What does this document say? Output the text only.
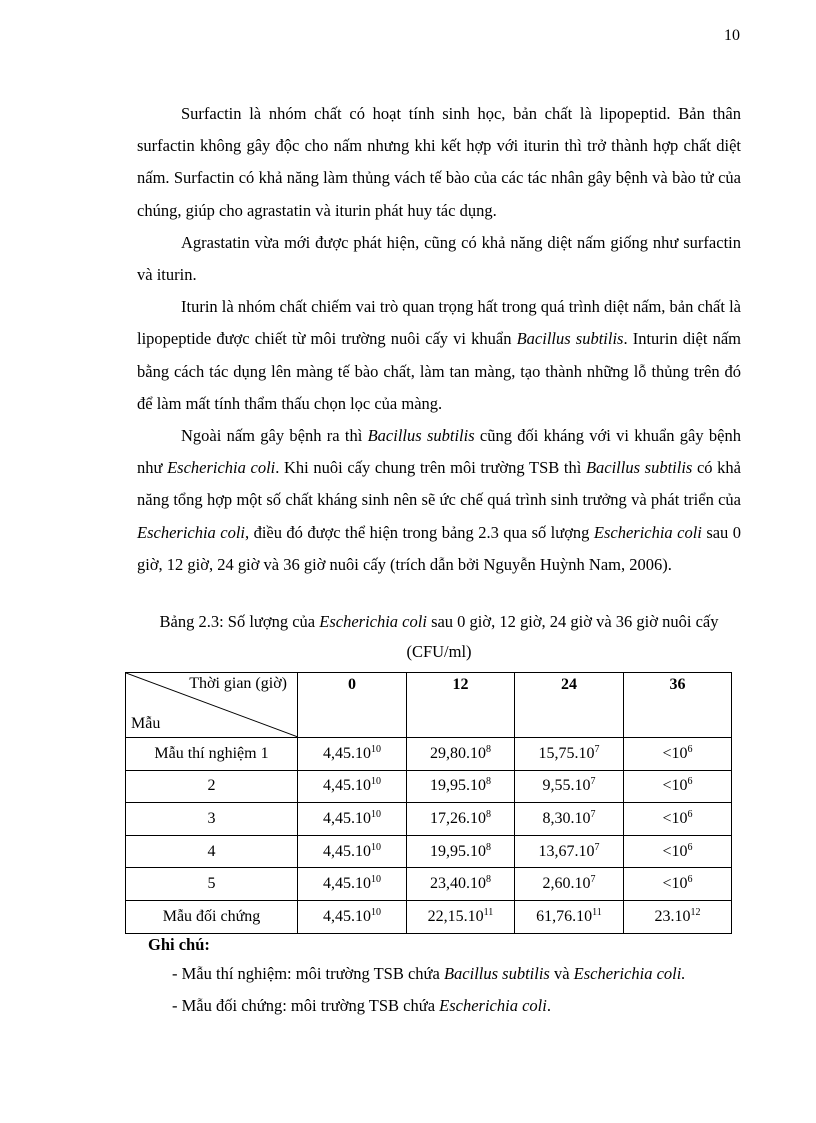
10

Surfactin là nhóm chất có hoạt tính sinh học, bản chất là lipopeptid. Bản thân surfactin không gây độc cho nấm nhưng khi kết hợp với iturin thì trở thành hợp chất diệt nấm. Surfactin có khả năng làm thủng vách tế bào của các tác nhân gây bệnh và bào tử của chúng, giúp cho agrastatin và iturin phát huy tác dụng.

Agrastatin vừa mới được phát hiện, cũng có khả năng diệt nấm giống như surfactin và iturin.

Iturin là nhóm chất chiếm vai trò quan trọng hất trong quá trình diệt nấm, bản chất là lipopeptide được chiết từ môi trường nuôi cấy vi khuẩn Bacillus subtilis. Inturin diệt nấm bằng cách tác dụng lên màng tế bào chất, làm tan màng, tạo thành những lỗ thủng trên đó để làm mất tính thẩm thấu chọn lọc của màng.

Ngoài nấm gây bệnh ra thì Bacillus subtilis cũng đối kháng với vi khuẩn gây bệnh như Escherichia coli. Khi nuôi cấy chung trên môi trường TSB thì Bacillus subtilis có khả năng tổng hợp một số chất kháng sinh nên sẽ ức chế quá trình sinh trưởng và phát triển của Escherichia coli, điều đó được thể hiện trong bảng 2.3 qua số lượng Escherichia coli sau 0 giờ, 12 giờ, 24 giờ và 36 giờ nuôi cấy (trích dẫn bởi Nguyễn Huỳnh Nam, 2006).

Bảng 2.3: Số lượng của Escherichia coli sau 0 giờ, 12 giờ, 24 giờ và 36 giờ nuôi cấy
(CFU/ml)

Thời gian (giờ)
Mẫu	0	12	24	36
Mẫu thí nghiệm 1	4,45.10$^{10}$	29,80.10$^8$	$15,75.10^7$	$<10^6$
2	4,45.10$^{10}$	19,95.10$^8$	$9,55.10^7$	$<10^6$
3	4,45.10$^{10}$	17,26.10$^8$	$8,30.10^7$	$<10^6$
4	4,45.10$^{10}$	19,95.10$^8$	$13,67.10^7$	$<10^6$
5	4,45.10$^{10}$	23,40.10$^8$	$2,60.10^7$	$<10^6$
Mẫu đối chứng	4,45.10$^{10}$	22,15.10$^{11}$	61,76.10$^{11}$	23.10$^{12}$
Ghi chú:
- Mẫu thí nghiệm: môi trường TSB chứa Bacillus subtilis và Escherichia coli.
- Mẫu đối chứng: môi trường TSB chứa Escherichia coli.
